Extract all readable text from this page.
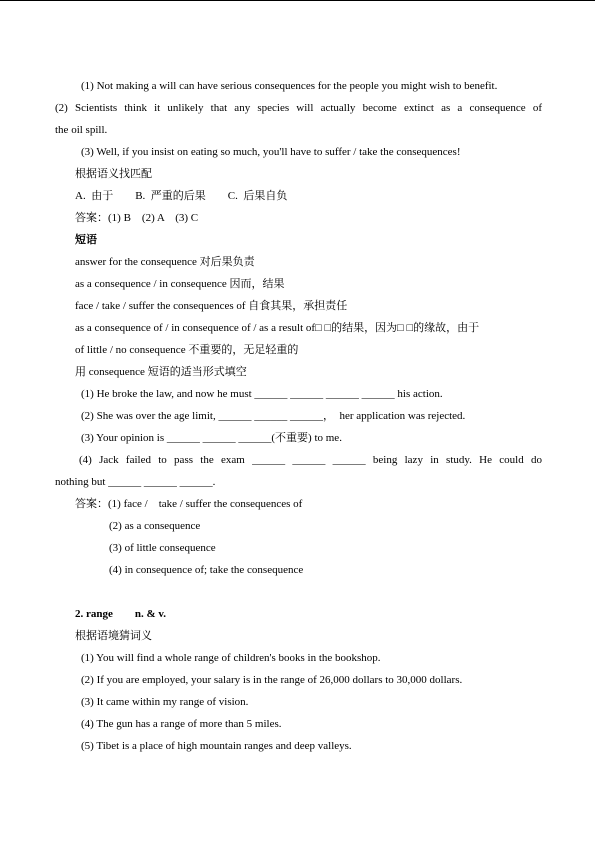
(1) Not making a will can have serious consequences for the people you might wish to benefit.
(2) Scientists think it unlikely that any species will actually become extinct as a consequence of
the oil spill.
(3) Well, if you insist on eating so much, you'll have to suffer / take the consequences!
根据语义找匹配
A.  由于        B.  严重的后果        C.  后果自负
答案：(1) B    (2) A    (3) C
短语
answer for the consequence 对后果负责
as a consequence / in consequence 因而，结果
face / take / suffer the consequences of 自食其果，承担责任
as a consequence of / in consequence of / as a result of□ □的结果，因为□ □的缘故，由于
of little / no consequence 不重要的，无足轻重的
用 consequence 短语的适当形式填空
(1) He broke the law, and now he must ______ ______ ______ ______ his action.
(2) She was over the age limit, ______ ______ ______，  her application was rejected.
(3) Your opinion is ______ ______ ______(不重要) to me.
(4) Jack failed to pass the exam ______ ______ ______ being lazy in study. He could do
nothing but ______ ______ ______.
答案：(1) face /    take / suffer the consequences of
(2) as a consequence
(3) of little consequence
(4) in consequence of; take the consequence
2. range        n. & v.
根据语境猜词义
(1) You will find a whole range of children's books in the bookshop.
(2) If you are employed, your salary is in the range of 26,000 dollars to 30,000 dollars.
(3) It came within my range of vision.
(4) The gun has a range of more than 5 miles.
(5) Tibet is a place of high mountain ranges and deep valleys.
